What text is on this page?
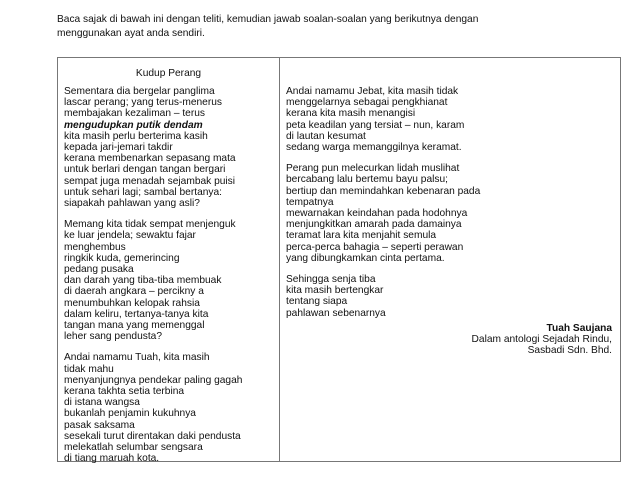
Baca sajak di bawah ini dengan teliti, kemudian jawab soalan-soalan yang berikutnya dengan
menggunakan ayat anda sendiri.
Kudup Perang
Sementara dia bergelar panglima
lascar perang; yang terus-menerus
membajakan kezaliman – terus
mengudupkan putik dendam
kita masih perlu berterima kasih
kepada jari-jemari takdir
kerana membenarkan sepasang mata
untuk berlari dengan tangan bergari
sempat juga menadah sejambak puisi
untuk sehari lagi; sambal bertanya:
siapakah pahlawan yang asli?
Memang kita tidak sempat menjenguk
ke luar jendela; sewaktu fajar
menghembus
ringkik kuda, gemerincing
pedang pusaka
dan darah yang tiba-tiba membuak
di daerah angkara – percikny a
menumbuhkan kelopak rahsia
dalam keliru, tertanya-tanya kita
tangan mana yang memenggal
leher sang pendusta?
Andai namamu Tuah, kita masih
tidak mahu
menyanjungnya pendekar paling gagah
kerana takhta setia terbina
di istana wangsa
bukanlah penjamin kukuhnya
pasak saksama
sesekali turut direntakan daki pendusta
melekatlah selumbar sengsara
di tiang maruah kota.
Andai namamu Jebat, kita masih tidak
menggelarnya sebagai pengkhianat
kerana kita masih menangisi
peta keadilan yang tersiat – nun, karam
di lautan kesumat
sedang warga memanggilnya keramat.
Perang pun melecurkan lidah muslihat
bercabang lalu bertemu bayu palsu;
bertiup dan memindahkan kebenaran pada
tempatnya
mewarnakan keindahan pada hodohnya
menjungkitkan amarah pada damainya
teramat lara kita menjahit semula
perca-perca bahagia – seperti perawan
yang dibungkamkan cinta pertama.
Sehingga senja tiba
kita masih bertengkar
tentang siapa
pahlawan sebenarnya
Tuah Saujana
Dalam antologi Sejadah Rindu,
Sasbadi Sdn. Bhd.
